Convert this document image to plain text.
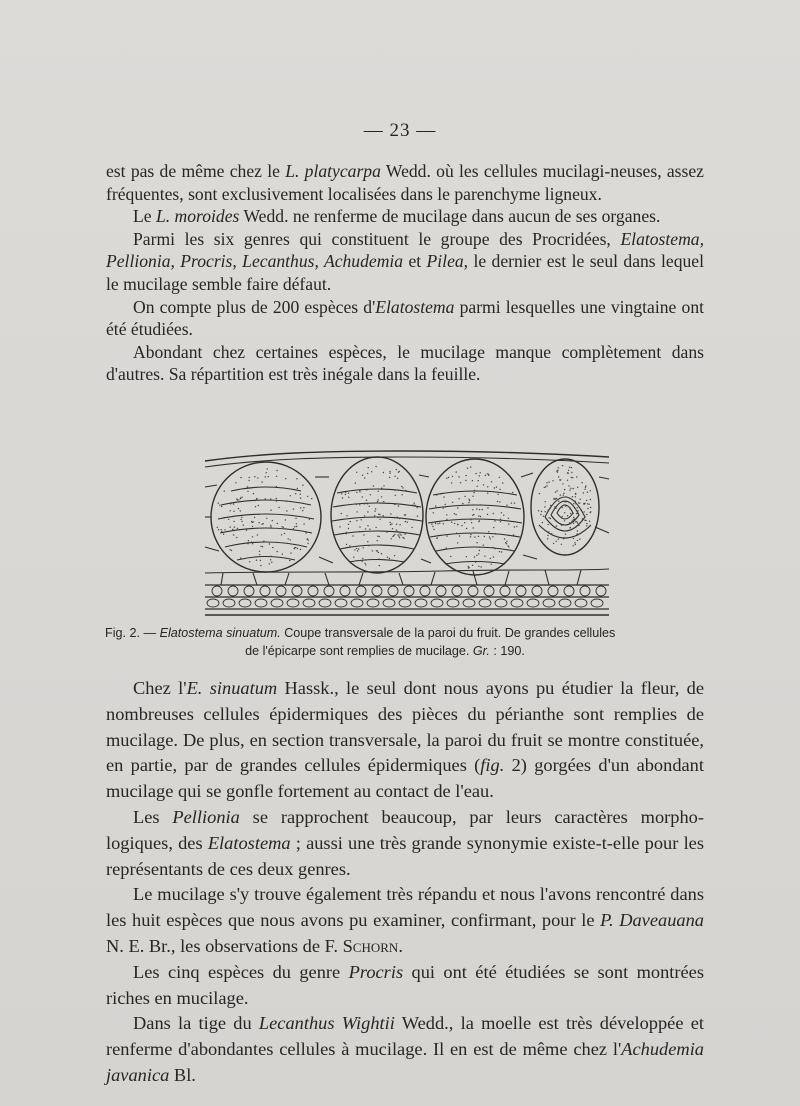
— 23 —

est pas de même chez le L. platycarpa Wedd. où les cellules mucilagi-neuses, assez fréquentes, sont exclusivement localisées dans le parenchyme ligneux.

Le L. moroides Wedd. ne renferme de mucilage dans aucun de ses organes.

Parmi les six genres qui constituent le groupe des Procridées, Elatostema, Pellionia, Procris, Lecanthus, Achudemia et Pilea, le dernier est le seul dans lequel le mucilage semble faire défaut.

On compte plus de 200 espèces d'Elatostema parmi lesquelles une vingtaine ont été étudiées.

Abondant chez certaines espèces, le mucilage manque complètement dans d'autres. Sa répartition est très inégale dans la feuille.

Fig. 2. — Elatostema sinuatum. Coupe transversale de la paroi du fruit. De grandes cellules
de l'épicarpe sont remplies de mucilage. Gr. : 190.

Chez l'E. sinuatum Hassk., le seul dont nous ayons pu étudier la fleur, de nombreuses cellules épidermiques des pièces du périanthe sont remplies de mucilage. De plus, en section transversale, la paroi du fruit se montre constituée, en partie, par de grandes cellules épidermiques (fig. 2) gorgées d'un abondant mucilage qui se gonfle fortement au contact de l'eau.

Les Pellionia se rapprochent beaucoup, par leurs caractères morpho-logiques, des Elatostema ; aussi une très grande synonymie existe-t-elle pour les représentants de ces deux genres.

Le mucilage s'y trouve également très répandu et nous l'avons rencontré dans les huit espèces que nous avons pu examiner, confirmant, pour le P. Daveauana N. E. Br., les observations de F. Schorn.

Les cinq espèces du genre Procris qui ont été étudiées se sont montrées riches en mucilage.

Dans la tige du Lecanthus Wightii Wedd., la moelle est très développée et renferme d'abondantes cellules à mucilage. Il en est de même chez l'Achudemia javanica Bl.
